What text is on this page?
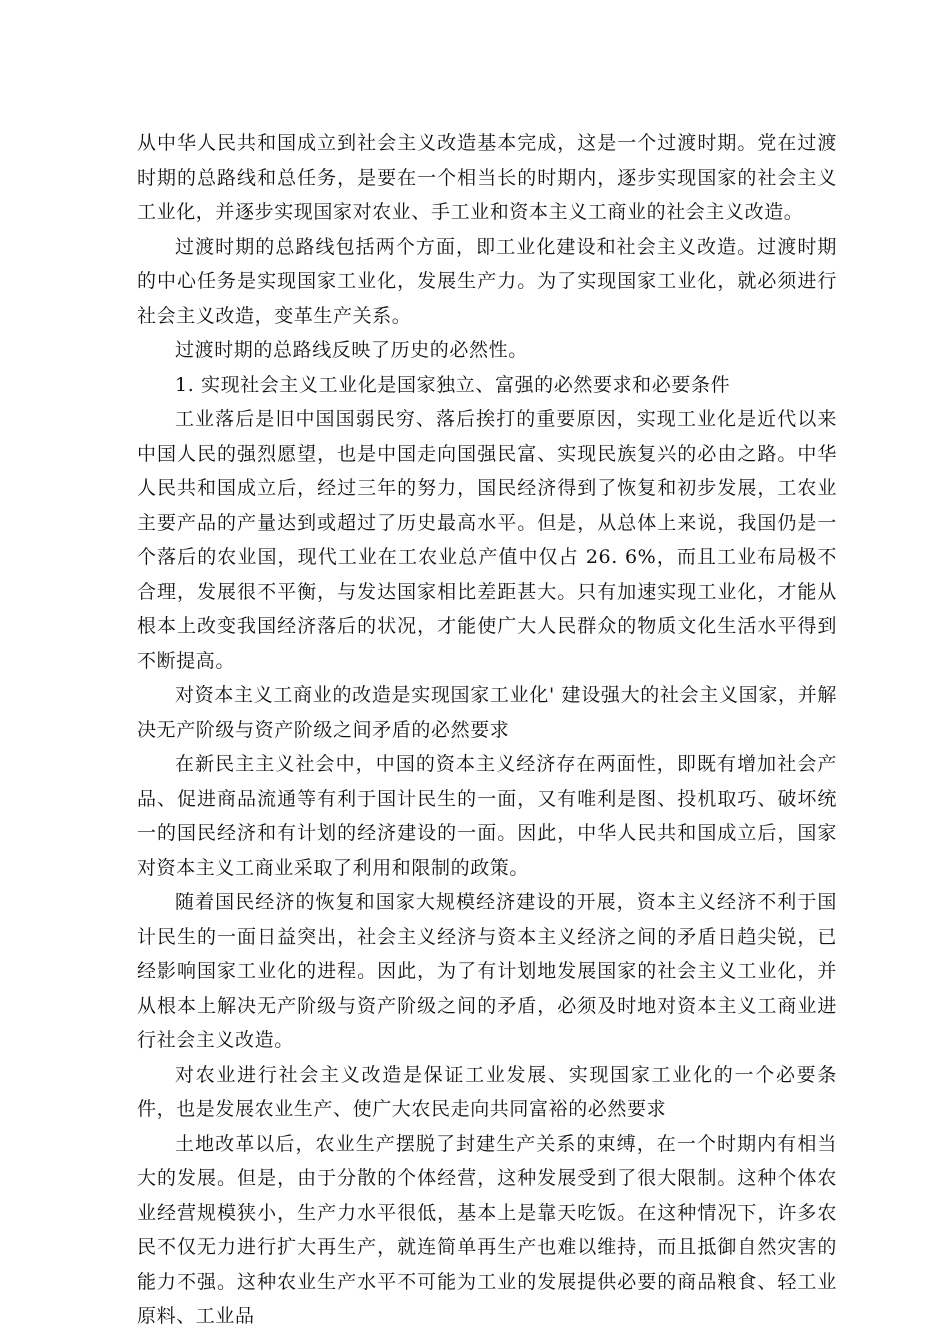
从中华人民共和国成立到社会主义改造基本完成，这是一个过渡时期。党在过渡时期的总路线和总任务，是要在一个相当长的时期内，逐步实现国家的社会主义工业化，并逐步实现国家对农业、手工业和资本主义工商业的社会主义改造。

过渡时期的总路线包括两个方面，即工业化建设和社会主义改造。过渡时期的中心任务是实现国家工业化，发展生产力。为了实现国家工业化，就必须进行社会主义改造，变革生产关系。

过渡时期的总路线反映了历史的必然性。

1. 实现社会主义工业化是国家独立、富强的必然要求和必要条件

工业落后是旧中国国弱民穷、落后挨打的重要原因，实现工业化是近代以来中国人民的强烈愿望，也是中国走向国强民富、实现民族复兴的必由之路。中华人民共和国成立后，经过三年的努力，国民经济得到了恢复和初步发展，工农业主要产品的产量达到或超过了历史最高水平。但是，从总体上来说，我国仍是一个落后的农业国，现代工业在工农业总产值中仅占 26. 6%，而且工业布局极不合理，发展很不平衡，与发达国家相比差距甚大。只有加速实现工业化，才能从根本上改变我国经济落后的状况，才能使广大人民群众的物质文化生活水平得到不断提高。

对资本主义工商业的改造是实现国家工业化' 建设强大的社会主义国家，并解决无产阶级与资产阶级之间矛盾的必然要求

在新民主主义社会中，中国的资本主义经济存在两面性，即既有增加社会产品、促进商品流通等有利于国计民生的一面，又有唯利是图、投机取巧、破坏统一的国民经济和有计划的经济建设的一面。因此，中华人民共和国成立后，国家对资本主义工商业采取了利用和限制的政策。

随着国民经济的恢复和国家大规模经济建设的开展，资本主义经济不利于国计民生的一面日益突出，社会主义经济与资本主义经济之间的矛盾日趋尖锐，已经影响国家工业化的进程。因此，为了有计划地发展国家的社会主义工业化，并从根本上解决无产阶级与资产阶级之间的矛盾，必须及时地对资本主义工商业进行社会主义改造。

对农业进行社会主义改造是保证工业发展、实现国家工业化的一个必要条件，也是发展农业生产、使广大农民走向共同富裕的必然要求

土地改革以后，农业生产摆脱了封建生产关系的束缚，在一个时期内有相当大的发展。但是，由于分散的个体经营，这种发展受到了很大限制。这种个体农业经营规模狭小，生产力水平很低，基本上是靠天吃饭。在这种情况下，许多农民不仅无力进行扩大再生产，就连简单再生产也难以维持，而且抵御自然灾害的能力不强。这种农业生产水平不可能为工业的发展提供必要的商品粮食、轻工业原料、工业品
